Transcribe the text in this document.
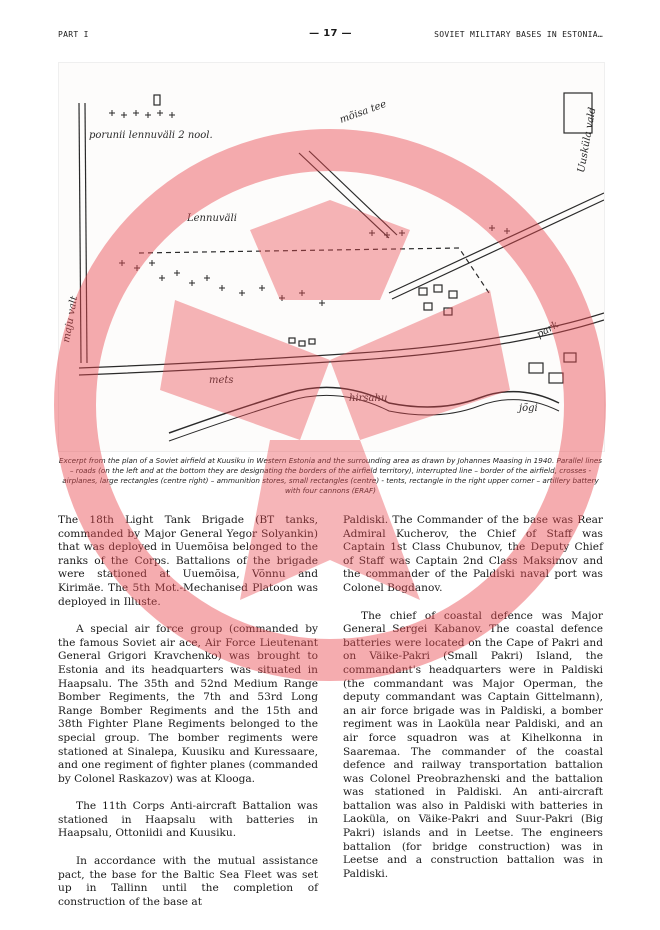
PART I	— 17 —	SOVIET MILITARY BASES IN ESTONIA…
porunii lennuväli 2 nool.
mõisa tee
Lennuväli
mets
park
hirsahu
jõgi
maju valt
Uusküla vald
Excerpt from the plan of a Soviet airfield at Kuusiku in Western Estonia and the surrounding area as drawn by Johannes Maasing in 1940. Parallel lines – roads (on the left and at the bottom they are designating the borders of the airfield territory), interrupted line – border of the airfield, crosses - airplanes, large rectangles (centre right) – ammunition stores, small rectangles (centre) - tents, rectangle in the right upper corner – artillery battery with four cannons (ERAF)

The 18th Light Tank Brigade (BT tanks, commanded by Major General Yegor Solyankin) that was deployed in Uuemõisa belonged to the ranks of the Corps. Battalions of the brigade were stationed at Uuemõisa, Võnnu and Kirimäe. The 5th Mot.-Mechanised Platoon was deployed in Illuste.

A special air force group (commanded by the famous Soviet air ace, Air Force Lieutenant General Grigori Kravchenko) was brought to Estonia and its headquarters was situated in Haapsalu. The 35th and 52nd Medium Range Bomber Regiments, the 7th and 53rd Long Range Bomber Regiments and the 15th and 38th Fighter Plane Regiments belonged to the special group. The bomber regiments were stationed at Sinalepa, Kuusiku and Kuressaare, and one regiment of fighter planes (commanded by Colonel Raskazov) was at Klooga.

The 11th Corps Anti-aircraft Battalion was stationed in Haapsalu with batteries in Haapsalu, Ottoniidi and Kuusiku.

In accordance with the mutual assistance pact, the base for the Baltic Sea Fleet was set up in Tallinn until the completion of construction of the base at

Paldiski. The Commander of the base was Rear Admiral Kucherov, the Chief of Staff was Captain 1st Class Chubunov, the Deputy Chief of Staff was Captain 2nd Class Maksimov and the commander of the Paldiski naval port was Colonel Bogdanov.

The chief of coastal defence was Major General Sergei Kabanov. The coastal defence batteries were located on the Cape of Pakri and on Väike-Pakri (Small Pakri) Island, the commandant's headquarters were in Paldiski (the commandant was Major Operman, the deputy commandant was Captain Gittelmann), an air force brigade was in Paldiski, a bomber regiment was in Laoküla near Paldiski, and an air force squadron was at Kihelkonna in Saaremaa. The commander of the coastal defence and railway transportation battalion was Colonel Preobrazhenski and the battalion was stationed in Paldiski. An anti-aircraft battalion was also in Paldiski with batteries in Laoküla, on Väike-Pakri and Suur-Pakri (Big Pakri) islands and in Leetse. The engineers battalion (for bridge construction) was in Leetse and a construction battalion was in Paldiski.
